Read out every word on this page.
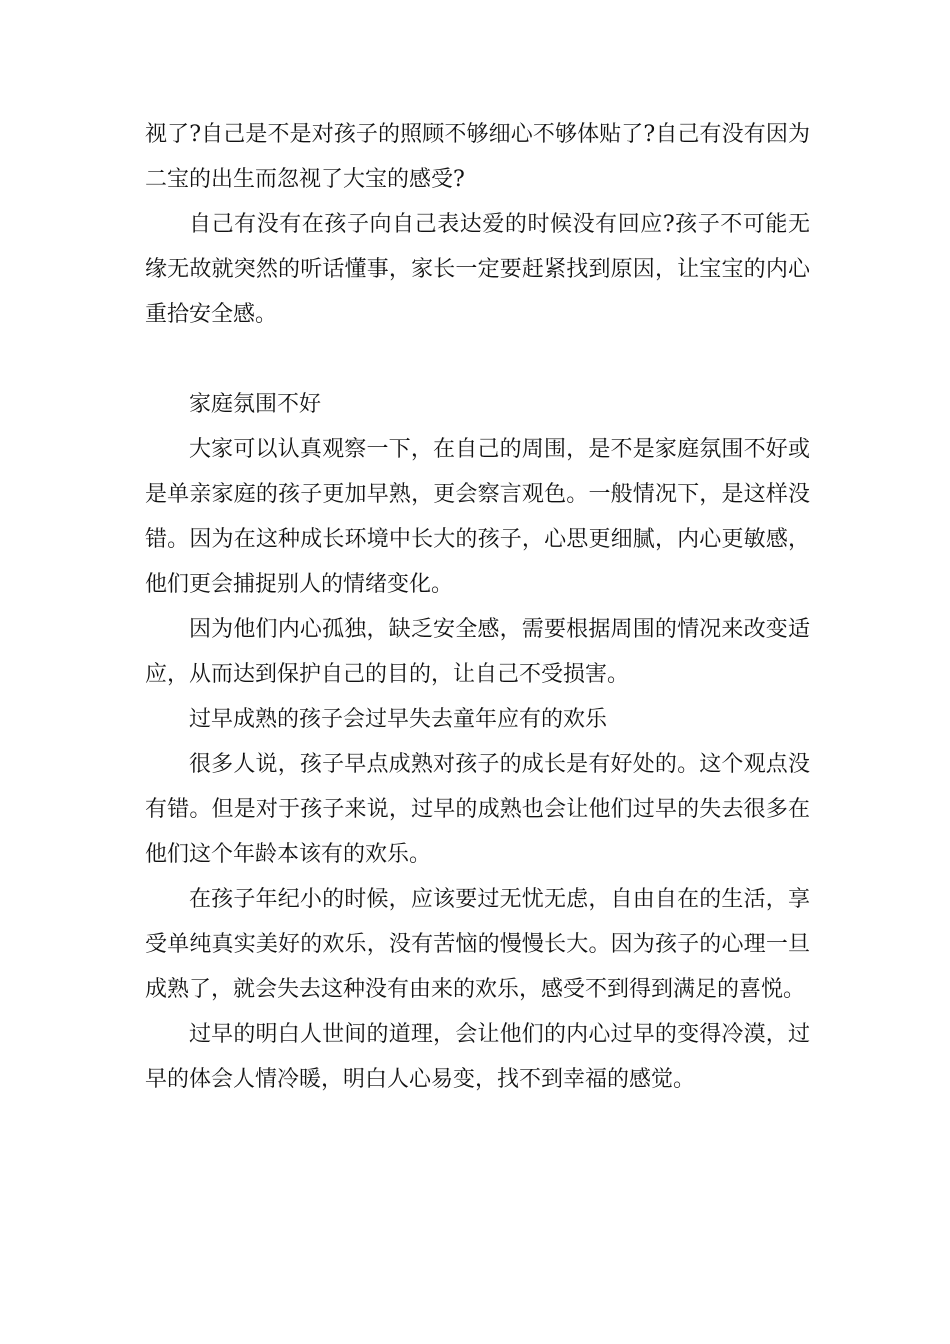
视了?自己是不是对孩子的照顾不够细心不够体贴了?自己有没有因为二宝的出生而忽视了大宝的感受?

自己有没有在孩子向自己表达爱的时候没有回应?孩子不可能无缘无故就突然的听话懂事，家长一定要赶紧找到原因，让宝宝的内心重拾安全感。

家庭氛围不好

大家可以认真观察一下，在自己的周围，是不是家庭氛围不好或是单亲家庭的孩子更加早熟，更会察言观色。一般情况下，是这样没错。因为在这种成长环境中长大的孩子，心思更细腻，内心更敏感，他们更会捕捉别人的情绪变化。

因为他们内心孤独，缺乏安全感，需要根据周围的情况来改变适应，从而达到保护自己的目的，让自己不受损害。

过早成熟的孩子会过早失去童年应有的欢乐

很多人说，孩子早点成熟对孩子的成长是有好处的。这个观点没有错。但是对于孩子来说，过早的成熟也会让他们过早的失去很多在他们这个年龄本该有的欢乐。

在孩子年纪小的时候，应该要过无忧无虑，自由自在的生活，享受单纯真实美好的欢乐，没有苦恼的慢慢长大。因为孩子的心理一旦成熟了，就会失去这种没有由来的欢乐，感受不到得到满足的喜悦。

过早的明白人世间的道理，会让他们的内心过早的变得冷漠，过早的体会人情冷暖，明白人心易变，找不到幸福的感觉。
